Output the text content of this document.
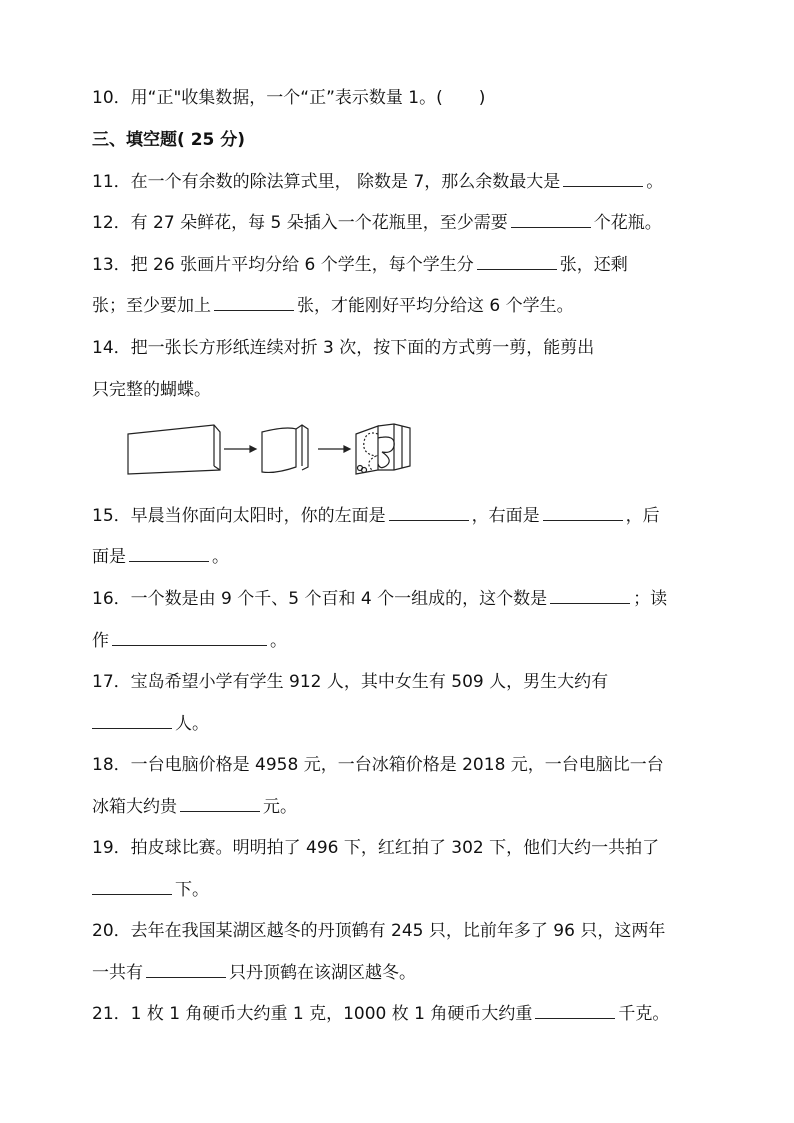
10．用“正"收集数据，一个“正”表示数量 1。( )
三、填空题( 25 分)
11．在一个有余数的除法算式里， 除数是 7，那么余数最大是	。
12．有 27 朵鲜花，每 5 朵插入一个花瓶里，至少需要	个花瓶。
13．把 26 张画片平均分给 6 个学生，每个学生分	张，还剩
张；至少要加上	张，才能刚好平均分给这 6 个学生。
14．把一张长方形纸连续对折 3 次，按下面的方式剪一剪，能剪出
只完整的蝴蝶。
15．早晨当你面向太阳时，你的左面是	，右面是	，后
面是	。
16．一个数是由 9 个千、5 个百和 4 个一组成的，这个数是	；读
作	。
17．宝岛希望小学有学生 912 人，其中女生有 509 人，男生大约有
人。
18．一台电脑价格是 4958 元，一台冰箱价格是 2018 元，一台电脑比一台
冰箱大约贵	元。
19．拍皮球比赛。明明拍了 496 下，红红拍了 302 下，他们大约一共拍了
下。
20．去年在我国某湖区越冬的丹顶鹤有 245 只，比前年多了 96 只，这两年
一共有	只丹顶鹤在该湖区越冬。
21．1 枚 1 角硬币大约重 1 克，1000 枚 1 角硬币大约重	千克。
